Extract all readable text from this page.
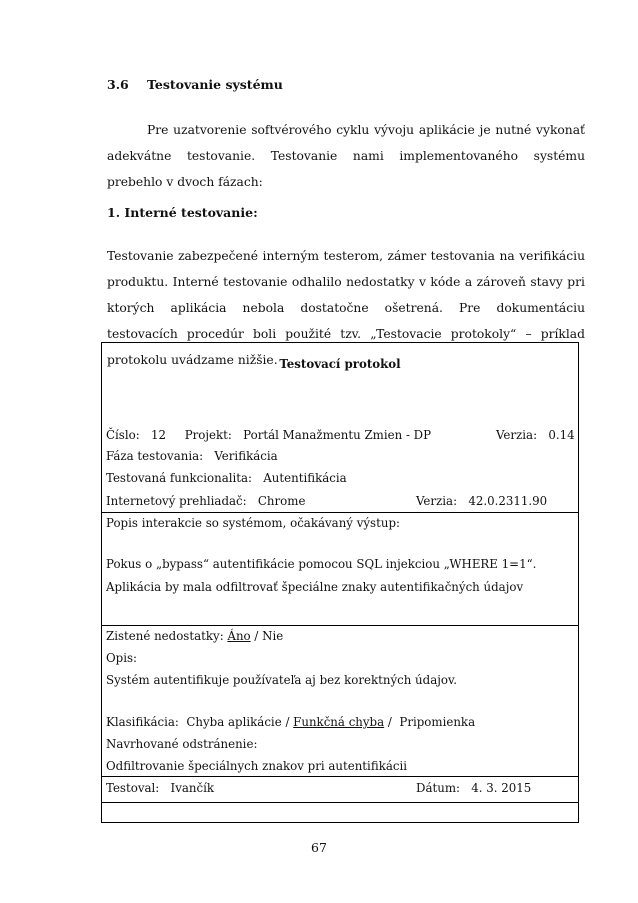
3.6 Testovanie systému
Pre uzatvorenie softvérového cyklu vývoju aplikácie je nutné vykonať adekvátne testovanie. Testovanie nami implementovaného systému prebehlo v dvoch fázach:
1. Interné testovanie:
Testovanie zabezpečené interným testerom, zámer testovania na verifikáciu produktu. Interné testovanie odhalilo nedostatky v kóde a zároveň stavy pri ktorých aplikácia nebola dostatočne ošetrená. Pre dokumentáciu testovacích procedúr boli použité tzv. „Testovacie protokoly“ – príklad protokolu uvádzame nižšie. Testovací protokol
Číslo: 12 Projekt: Portál Manažmentu Zmien - DP	Verzia: 0.14
Fáza testovania: Verifikácia
Testovaná funkcionalita: Autentifikácia
Internetový prehliadač: Chrome	Verzia: 42.0.2311.90
Popis interakcie so systémom, očakávaný výstup:
Pokus o „bypass“ autentifikácie pomocou SQL injekciou „WHERE 1=1“.
Aplikácia by mala odfiltrovať špeciálne znaky autentifikačných údajov
Zistené nedostatky: Áno / Nie
Opis:
Systém autentifikuje používateľa aj bez korektných údajov.
Klasifikácia: Chyba aplikácie / Funkčná chyba / Pripomienka
Navrhované odstránenie:
Odfiltrovanie špeciálnych znakov pri autentifikácii
Testoval: Ivančík	Dátum: 4. 3. 2015
67
